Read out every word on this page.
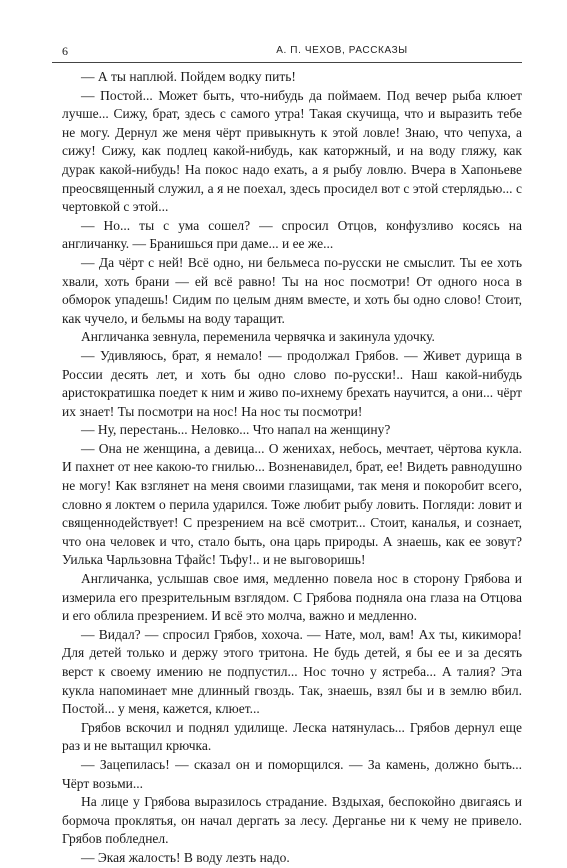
6	А. П. ЧЕХОВ, РАССКАЗЫ

— А ты наплюй. Пойдем водку пить!

— Постой... Может быть, что-нибудь да поймаем. Под вечер рыба клюет лучше... Сижу, брат, здесь с самого утра! Такая скучища, что и выразить тебе не могу. Дернул же меня чёрт привыкнуть к этой ловле! Знаю, что чепуха, а сижу! Сижу, как подлец какой-нибудь, как каторжный, и на воду гляжу, как дурак какой-нибудь! На покос надо ехать, а я рыбу ловлю. Вчера в Хапоньеве преосвященный служил, а я не поехал, здесь просидел вот с этой стерлядью... с чертовкой с этой...

— Но... ты с ума сошел? — спросил Отцов, конфузливо косясь на англичанку. — Бранишься при даме... и ее же...

— Да чёрт с ней! Всё одно, ни бельмеса по-русски не смыслит. Ты ее хоть хвали, хоть брани — ей всё равно! Ты на нос посмотри! От одного носа в обморок упадешь! Сидим по целым дням вместе, и хоть бы одно слово! Стоит, как чучело, и бельмы на воду таращит.

Англичанка зевнула, переменила червячка и закинула удочку.

— Удивляюсь, брат, я немало! — продолжал Грябов. — Живет дурища в России десять лет, и хоть бы одно слово по-русски!.. Наш какой-нибудь аристократишка поедет к ним и живо по-ихнему брехать научится, а они... чёрт их знает! Ты посмотри на нос! На нос ты посмотри!

— Ну, перестань... Неловко... Что напал на женщину?

— Она не женщина, а девица... О женихах, небось, мечтает, чёртова кукла. И пахнет от нее какою-то гнилью... Возненавидел, брат, ее! Видеть равнодушно не могу! Как взглянет на меня своими глазищами, так меня и покоробит всего, словно я локтем о перила ударился. Тоже любит рыбу ловить. Погляди: ловит и священнодействует! С презрением на всё смотрит... Стоит, каналья, и сознает, что она человек и что, стало быть, она царь природы. А знаешь, как ее зовут? Уилька Чарльзовна Тфайс! Тьфу!.. и не выговоришь!

Англичанка, услышав свое имя, медленно повела нос в сторону Грябова и измерила его презрительным взглядом. С Грябова подняла она глаза на Отцова и его облила презрением. И всё это молча, важно и медленно.

— Видал? — спросил Грябов, хохоча. — Нате, мол, вам! Ах ты, кикимора! Для детей только и держу этого тритона. Не будь детей, я бы ее и за десять верст к своему имению не подпустил... Нос точно у ястреба... А талия? Эта кукла напоминает мне длинный гвоздь. Так, знаешь, взял бы и в землю вбил. Постой... у меня, кажется, клюет...

Грябов вскочил и поднял удилище. Леска натянулась... Грябов дернул еще раз и не вытащил крючка.

— Зацепилась! — сказал он и поморщился. — За камень, должно быть... Чёрт возьми...

На лице у Грябова выразилось страдание. Вздыхая, беспокойно двигаясь и бормоча проклятья, он начал дергать за лесу. Дерганье ни к чему не привело. Грябов побледнел.

— Экая жалость! В воду лезть надо.
